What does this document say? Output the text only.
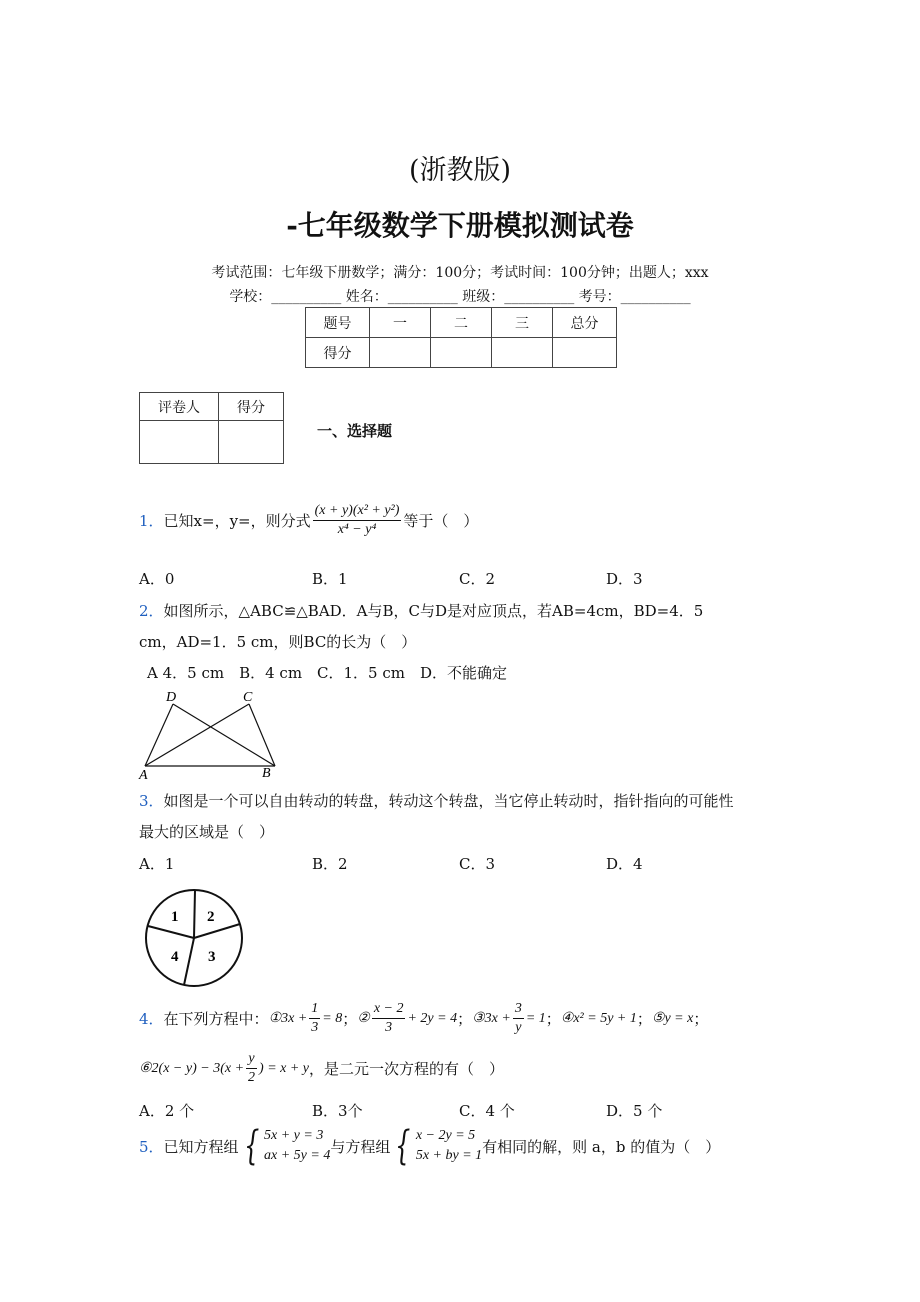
(浙教版)
-七年级数学下册模拟测试卷
考试范围：七年级下册数学；满分：100分；考试时间：100分钟；出题人；xxx
学校：__________ 姓名：__________ 班级：__________ 考号：__________
题号	一	二	三	总分
得分				
评卷人	得分

一、选择题
1． 已知x=，y=，则分式 $\frac{\text{(x + y)(x² + y²)}}{\text{x⁴ − y⁴}}$ 等于（　）
A．0	B．1	C．2	D．3
2．如图所示，△ABC≌△BAD．A与B，C与D是对应顶点，若AB=4cm，BD=4．5
cm，AD=1．5 cm，则BC的长为（　）
A 4．5 cm　B．4 cm　C．1．5 cm　D．不能确定
D	C
A	B
3．如图是一个可以自由转动的转盘，转动这个转盘，当它停止转动时，指针指向的可能性
最大的区域是（　）
A．1	B．2	C．3	D．4
1 2
3
4
4． 在下列方程中： ①3x + $\frac{1}{3} = 8$ ； ② $\frac{x - 2}{3} + 2y = 4$ ； ③3x + $\frac{3}{y} = 1$ ； ④x² = 5y + 1 ； ⑤y = x ；
⑥2(x − $y) - 3(x + \frac{y}{2}$ ) = x + y ，是二元一次方程的有（　）
A．2 个	B．3个	C．4 个	D．5 个
5． 已知方程组 { 5x + y = 3
ax + 5y = 4 与方程组 { x − 2y = 5
5x + by = 1 有相同的解，则 a，b 的值为（　）
